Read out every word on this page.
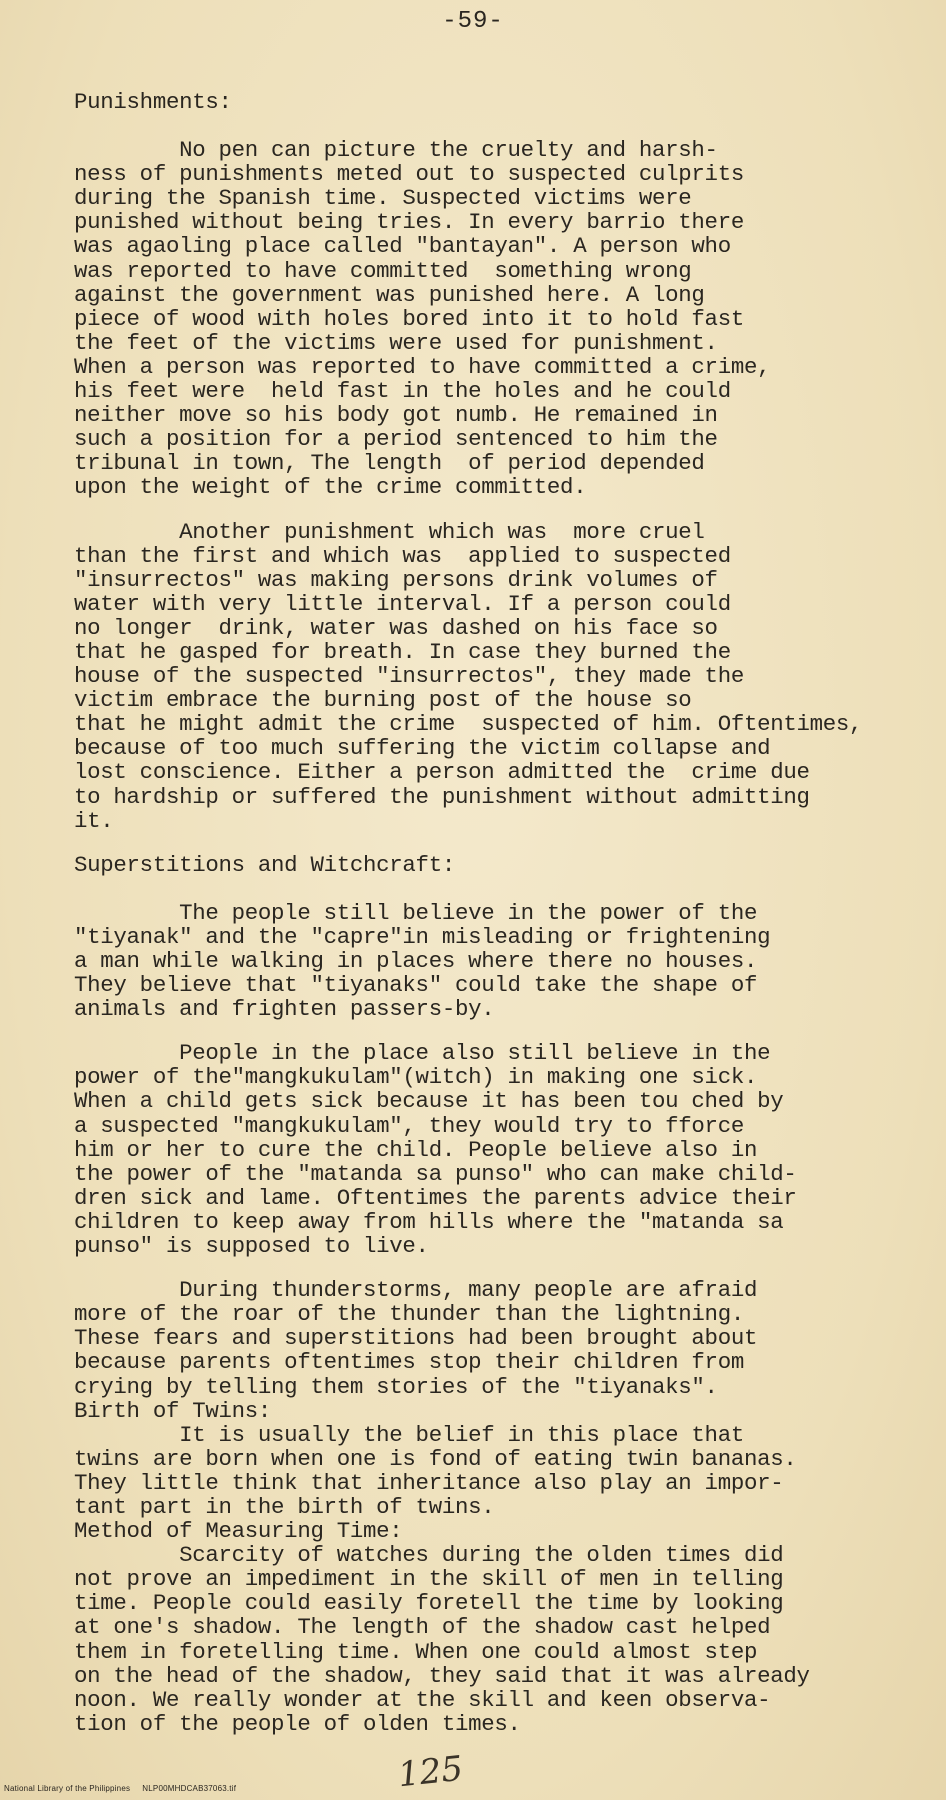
-59-
Punishments:

No pen can picture the cruelty and harsh-
ness of punishments meted out to suspected culprits
during the Spanish time. Suspected victims were
punished without being tries. In every barrio there
was agaoling place called "bantayan". A person who
was reported to have committed  something wrong
against the government was punished here. A long
piece of wood with holes bored into it to hold fast
the feet of the victims were used for punishment.
When a person was reported to have committed a crime,
his feet were  held fast in the holes and he could
neither move so his body got numb. He remained in
such a position for a period sentenced to him the
tribunal in town, The length  of period depended
upon the weight of the crime committed.

Another punishment which was  more cruel
than the first and which was  applied to suspected
"insurrectos" was making persons drink volumes of
water with very little interval. If a person could
no longer  drink, water was dashed on his face so
that he gasped for breath. In case they burned the
house of the suspected "insurrectos", they made the
victim embrace the burning post of the house so
that he might admit the crime  suspected of him. Oftentimes,
because of too much suffering the victim collapse and
lost conscience. Either a person admitted the  crime due
to hardship or suffered the punishment without admitting
it.

Superstitions and Witchcraft:

The people still believe in the power of the
"tiyanak" and the "capre"in misleading or frightening
a man while walking in places where there no houses.
They believe that "tiyanaks" could take the shape of
animals and frighten passers-by.

People in the place also still believe in the
power of the"mangkukulam"(witch) in making one sick.
When a child gets sick because it has been tou ched by
a suspected "mangkukulam", they would try to fforce
him or her to cure the child. People believe also in
the power of the "matanda sa punso" who can make child-
dren sick and lame. Oftentimes the parents advice their
children to keep away from hills where the "matanda sa
punso" is supposed to live.

During thunderstorms, many people are afraid
more of the roar of the thunder than the lightning.
These fears and superstitions had been brought about
because parents oftentimes stop their children from
crying by telling them stories of the "tiyanaks".

Birth of Twins:

It is usually the belief in this place that
twins are born when one is fond of eating twin bananas.
They little think that inheritance also play an impor-
tant part in the birth of twins.

Method of Measuring Time:

Scarcity of watches during the olden times did
not prove an impediment in the skill of men in telling
time. People could easily foretell the time by looking
at one's shadow. The length of the shadow cast helped
them in foretelling time. When one could almost step
on the head of the shadow, they said that it was already
noon. We really wonder at the skill and keen observa-
tion of the people of olden times.

125
National Library of the Philippines     NLP00MHDCAB37063.tif
